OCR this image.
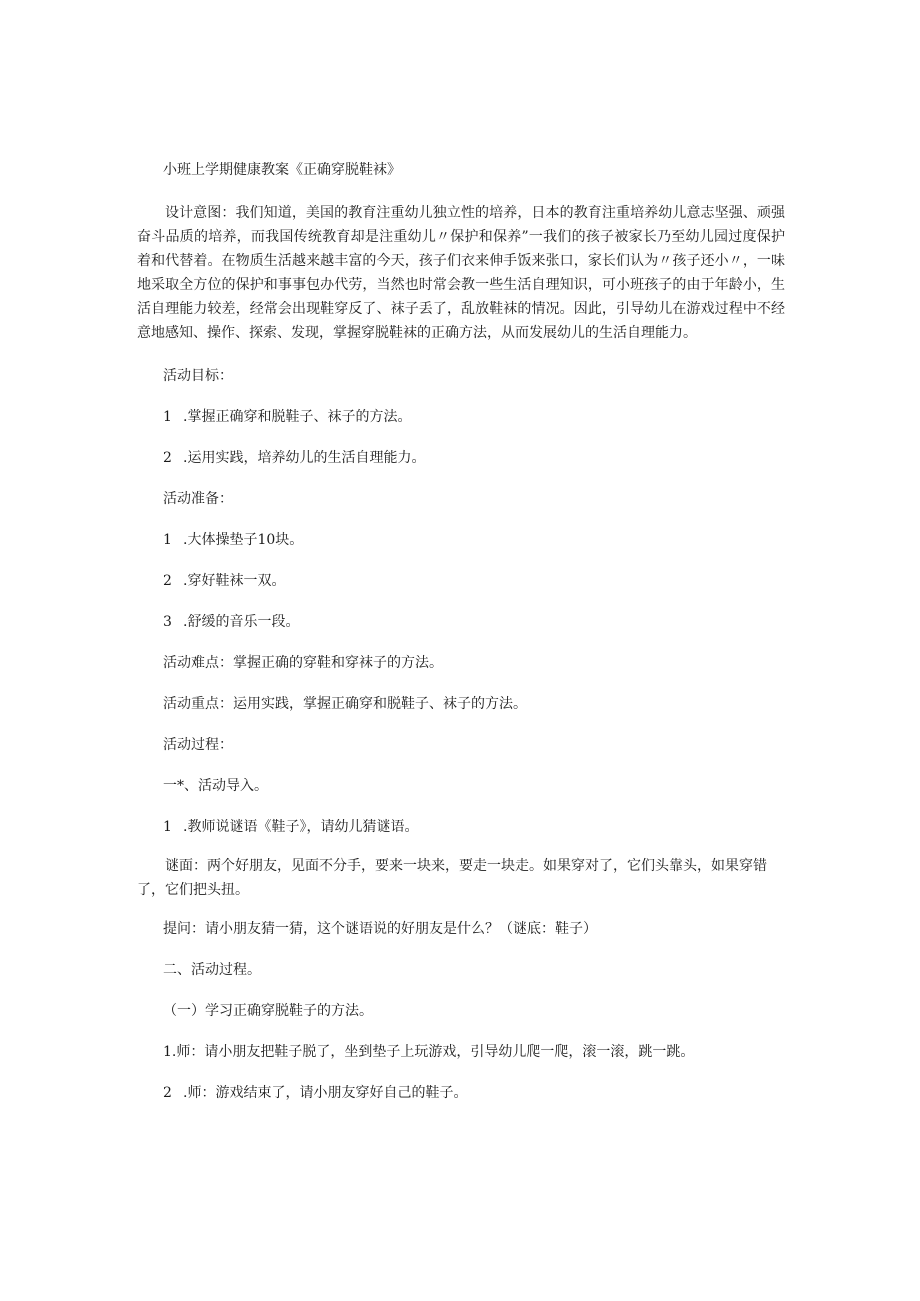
小班上学期健康教案《正确穿脱鞋袜》
设计意图：我们知道，美国的教育注重幼儿独立性的培养，日本的教育注重培养幼儿意志坚强、顽强奋斗品质的培养，而我国传统教育却是注重幼儿〃保护和保养”一我们的孩子被家长乃至幼儿园过度保护着和代替着。在物质生活越来越丰富的今天，孩子们衣来伸手饭来张口，家长们认为〃孩子还小〃，一味地采取全方位的保护和事事包办代劳，当然也时常会教一些生活自理知识，可小班孩子的由于年龄小，生活自理能力较差，经常会出现鞋穿反了、袜子丢了，乱放鞋袜的情况。因此，引导幼儿在游戏过程中不经意地感知、操作、探索、发现，掌握穿脱鞋袜的正确方法，从而发展幼儿的生活自理能力。
活动目标：
1 .掌握正确穿和脱鞋子、袜子的方法。
2 .运用实践，培养幼儿的生活自理能力。
活动准备：
1 .大体操垫子10块。
2 .穿好鞋袜一双。
3 .舒缓的音乐一段。
活动难点：掌握正确的穿鞋和穿袜子的方法。
活动重点：运用实践，掌握正确穿和脱鞋子、袜子的方法。
活动过程：
一*、活动导入。
1 .教师说谜语《鞋子》，请幼儿猜谜语。
谜面：两个好朋友，见面不分手，要来一块来，要走一块走。如果穿对了，它们头靠头，如果穿错了，它们把头扭。
提问：请小朋友猜一猜，这个谜语说的好朋友是什么？（谜底：鞋子）
二、活动过程。
（一）学习正确穿脱鞋子的方法。
1.师：请小朋友把鞋子脱了，坐到垫子上玩游戏，引导幼儿爬一爬，滚一滚，跳一跳。
2 .师：游戏结束了，请小朋友穿好自己的鞋子。
